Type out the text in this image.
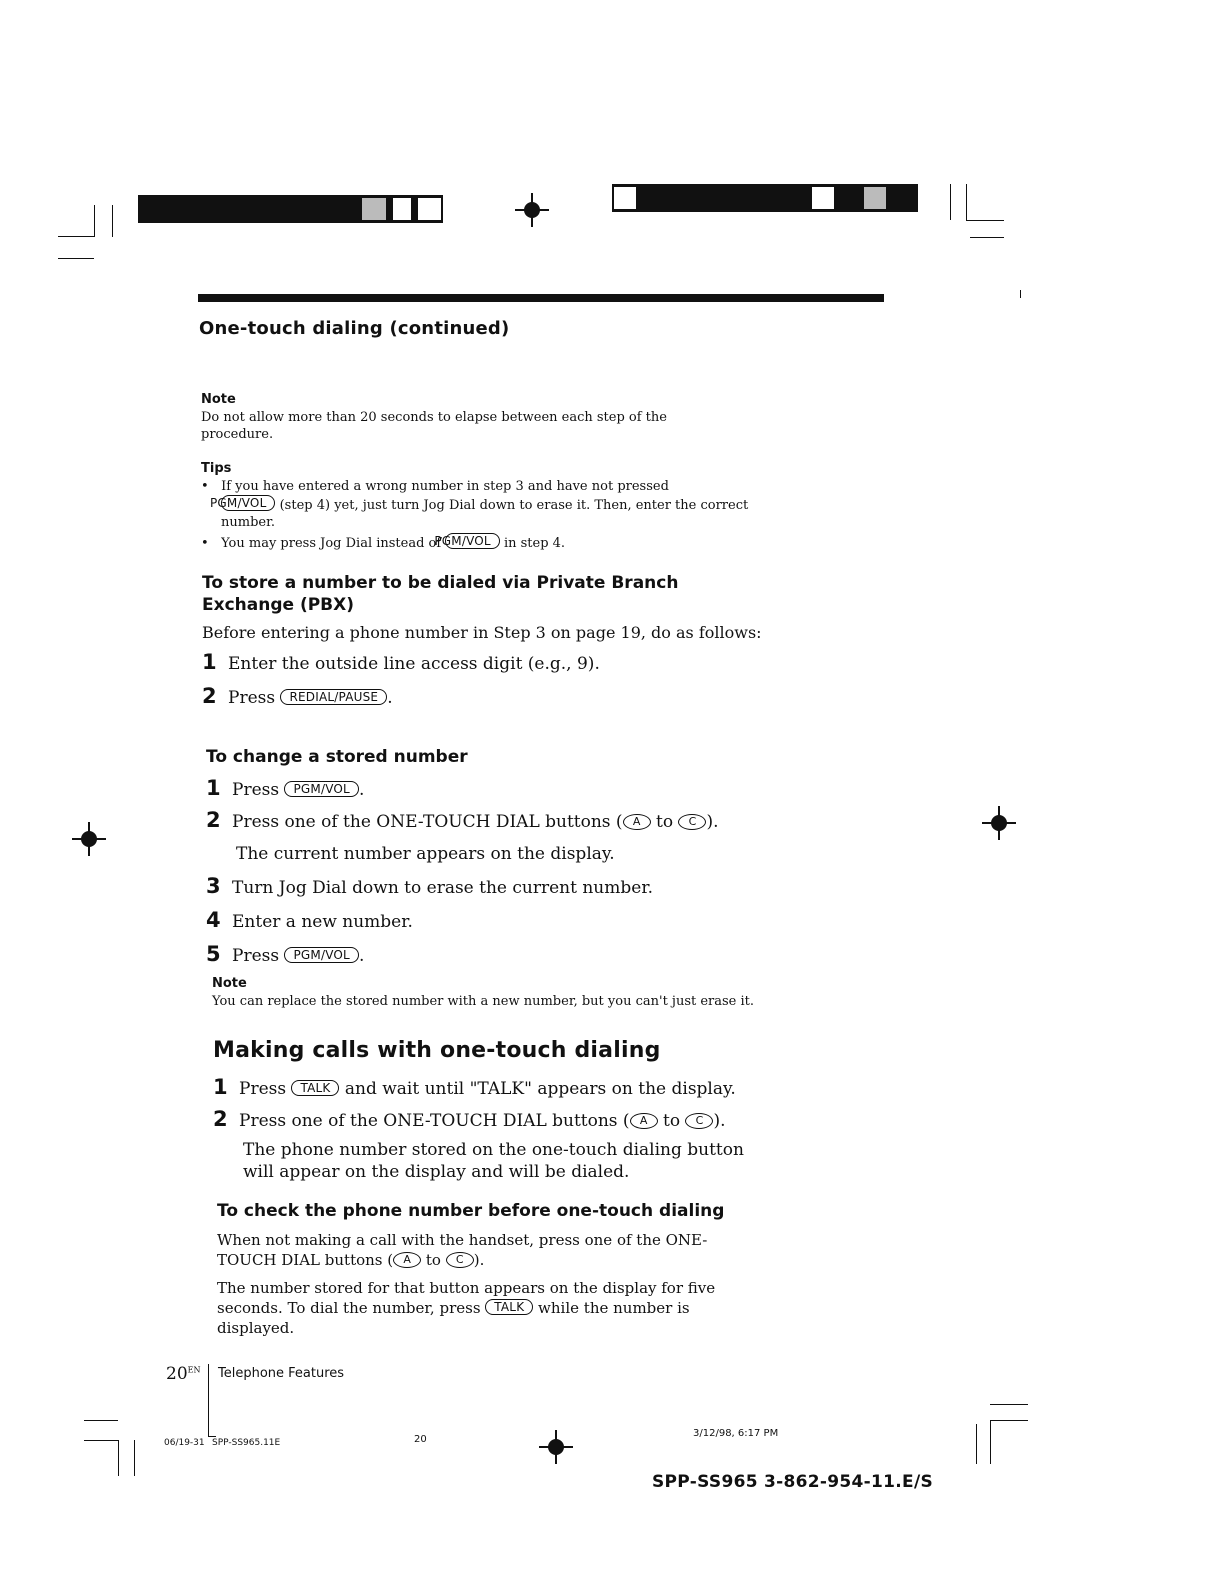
One-touch dialing (continued)
Note
Do not allow more than 20 seconds to elapse between each step of the procedure.
Tips
•   If you have entered a wrong number in step 3 and have not pressed
PGM/VOL (step 4) yet, just turn Jog Dial down to erase it. Then, enter the correct number.
•   You may press Jog Dial instead of PGM/VOL in step 4.
To store a number to be dialed via Private Branch Exchange (PBX)
Before entering a phone number in Step 3 on page 19, do as follows:
1 Enter the outside line access digit (e.g., 9).
2 Press REDIAL/PAUSE .
To change a stored number
1 Press PGM/VOL .
2 Press one of the ONE-TOUCH DIAL buttons ( A to C ).
The current number appears on the display.
3 Turn Jog Dial down to erase the current number.
4 Enter a new number.
5 Press PGM/VOL .
Note
You can replace the stored number with a new number, but you can't just erase it.
Making calls with one-touch dialing
1 Press TALK and wait until "TALK" appears on the display.
2 Press one of the ONE-TOUCH DIAL buttons ( A to C ).
The phone number stored on the one-touch dialing button will appear on the display and will be dialed.
To check the phone number before one-touch dialing
When not making a call with the handset, press one of the ONE-TOUCH DIAL buttons ( A to C ).
The number stored for that button appears on the display for five seconds. To dial the number, press TALK while the number is displayed.
$20^{EN}$ Telephone Features
06/19-31 SPP-SS965.11E	20
3/12/98, 6:17 PM
SPP-SS965 3-862-954-11.E/S
